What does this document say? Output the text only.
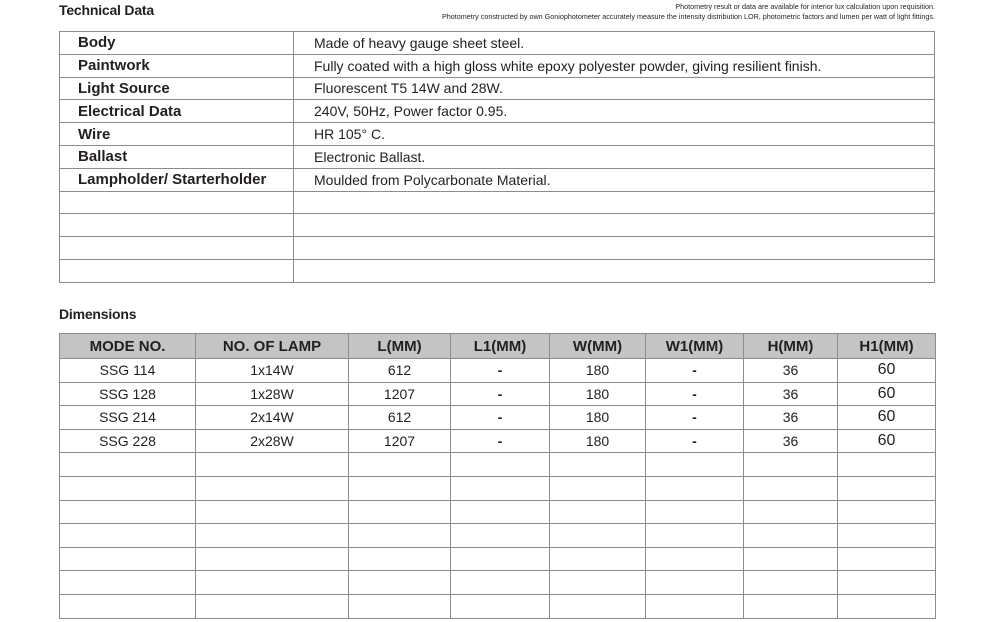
Technical Data	Photometry result or data are available for interior lux calculation upon requisition.
Photometry constructed by own Goniophotometer accurately measure the intensity distribution LOR, photometric factors and lumen per watt of light fittings.
Body	Made of heavy gauge sheet steel.
Paintwork	Fully coated with a high gloss white epoxy polyester powder, giving resilient finish.
Light Source	Fluorescent T5 14W and 28W.
Electrical Data	240V, 50Hz, Power factor 0.95.
Wire	HR 105° C.
Ballast	Electronic Ballast.
Lampholder/ Starterholder	Moulded from Polycarbonate Material.

Dimensions
MODE NO.	NO. OF LAMP	L(MM)	L1(MM)	W(MM)	W1(MM)	H(MM)	H1(MM)
SSG 114	1x14W	612	-	180	-	36	60
SSG 128	1x28W	1207	-	180	-	36	60
SSG 214	2x14W	612	-	180	-	36	60
SSG 228	2x28W	1207	-	180	-	36	60
